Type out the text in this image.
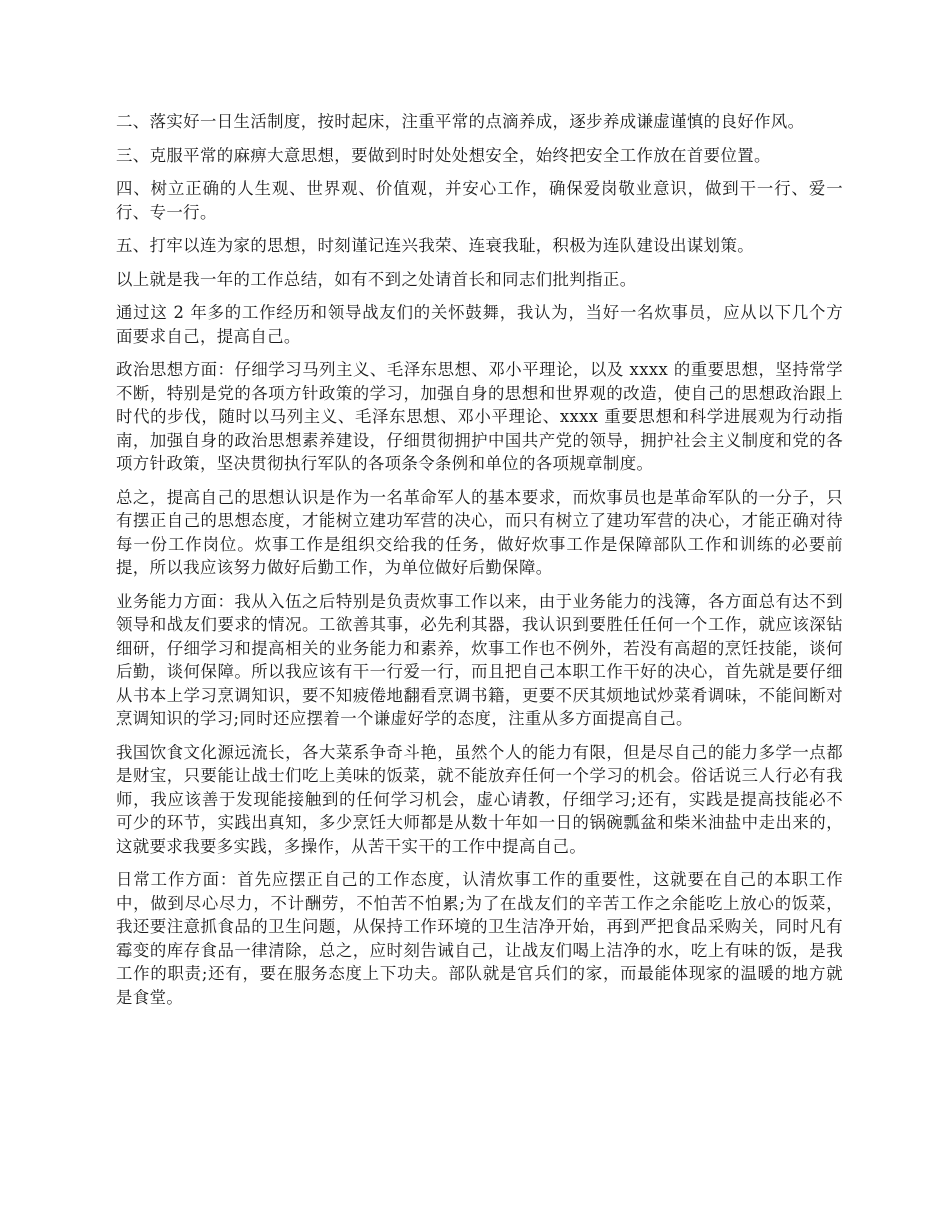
二、落实好一日生活制度，按时起床，注重平常的点滴养成，逐步养成谦虚谨慎的良好作风。

三、克服平常的麻痹大意思想，要做到时时处处想安全，始终把安全工作放在首要位置。

四、树立正确的人生观、世界观、价值观，并安心工作，确保爱岗敬业意识，做到干一行、爱一行、专一行。

五、打牢以连为家的思想，时刻谨记连兴我荣、连衰我耻，积极为连队建设出谋划策。

以上就是我一年的工作总结，如有不到之处请首长和同志们批判指正。

通过这 2 年多的工作经历和领导战友们的关怀鼓舞，我认为，当好一名炊事员，应从以下几个方面要求自己，提高自己。

政治思想方面：仔细学习马列主义、毛泽东思想、邓小平理论，以及 xxxx 的重要思想，坚持常学不断，特别是党的各项方针政策的学习，加强自身的思想和世界观的改造，使自己的思想政治跟上时代的步伐，随时以马列主义、毛泽东思想、邓小平理论、xxxx 重要思想和科学进展观为行动指南，加强自身的政治思想素养建设，仔细贯彻拥护中国共产党的领导，拥护社会主义制度和党的各项方针政策，坚决贯彻执行军队的各项条令条例和单位的各项规章制度。

总之，提高自己的思想认识是作为一名革命军人的基本要求，而炊事员也是革命军队的一分子，只有摆正自己的思想态度，才能树立建功军营的决心，而只有树立了建功军营的决心，才能正确对待每一份工作岗位。炊事工作是组织交给我的任务，做好炊事工作是保障部队工作和训练的必要前提，所以我应该努力做好后勤工作，为单位做好后勤保障。

业务能力方面：我从入伍之后特别是负责炊事工作以来，由于业务能力的浅簿，各方面总有达不到领导和战友们要求的情况。工欲善其事，必先利其器，我认识到要胜任任何一个工作，就应该深钻细研，仔细学习和提高相关的业务能力和素养，炊事工作也不例外，若没有高超的烹饪技能，谈何后勤，谈何保障。所以我应该有干一行爱一行，而且把自己本职工作干好的决心，首先就是要仔细从书本上学习烹调知识，要不知疲倦地翻看烹调书籍，更要不厌其烦地试炒菜肴调味，不能间断对烹调知识的学习;同时还应摆着一个谦虚好学的态度，注重从多方面提高自己。

我国饮食文化源远流长，各大菜系争奇斗艳，虽然个人的能力有限，但是尽自己的能力多学一点都是财宝，只要能让战士们吃上美味的饭菜，就不能放弃任何一个学习的机会。俗话说三人行必有我师，我应该善于发现能接触到的任何学习机会，虚心请教，仔细学习;还有，实践是提高技能必不可少的环节，实践出真知，多少烹饪大师都是从数十年如一日的锅碗瓢盆和柴米油盐中走出来的，这就要求我要多实践，多操作，从苦干实干的工作中提高自己。

日常工作方面：首先应摆正自己的工作态度，认清炊事工作的重要性，这就要在自己的本职工作中，做到尽心尽力，不计酬劳，不怕苦不怕累;为了在战友们的辛苦工作之余能吃上放心的饭菜，我还要注意抓食品的卫生问题，从保持工作环境的卫生洁净开始，再到严把食品采购关，同时凡有霉变的库存食品一律清除，总之，应时刻告诫自己，让战友们喝上洁净的水，吃上有味的饭，是我工作的职责;还有，要在服务态度上下功夫。部队就是官兵们的家，而最能体现家的温暖的地方就是食堂。
